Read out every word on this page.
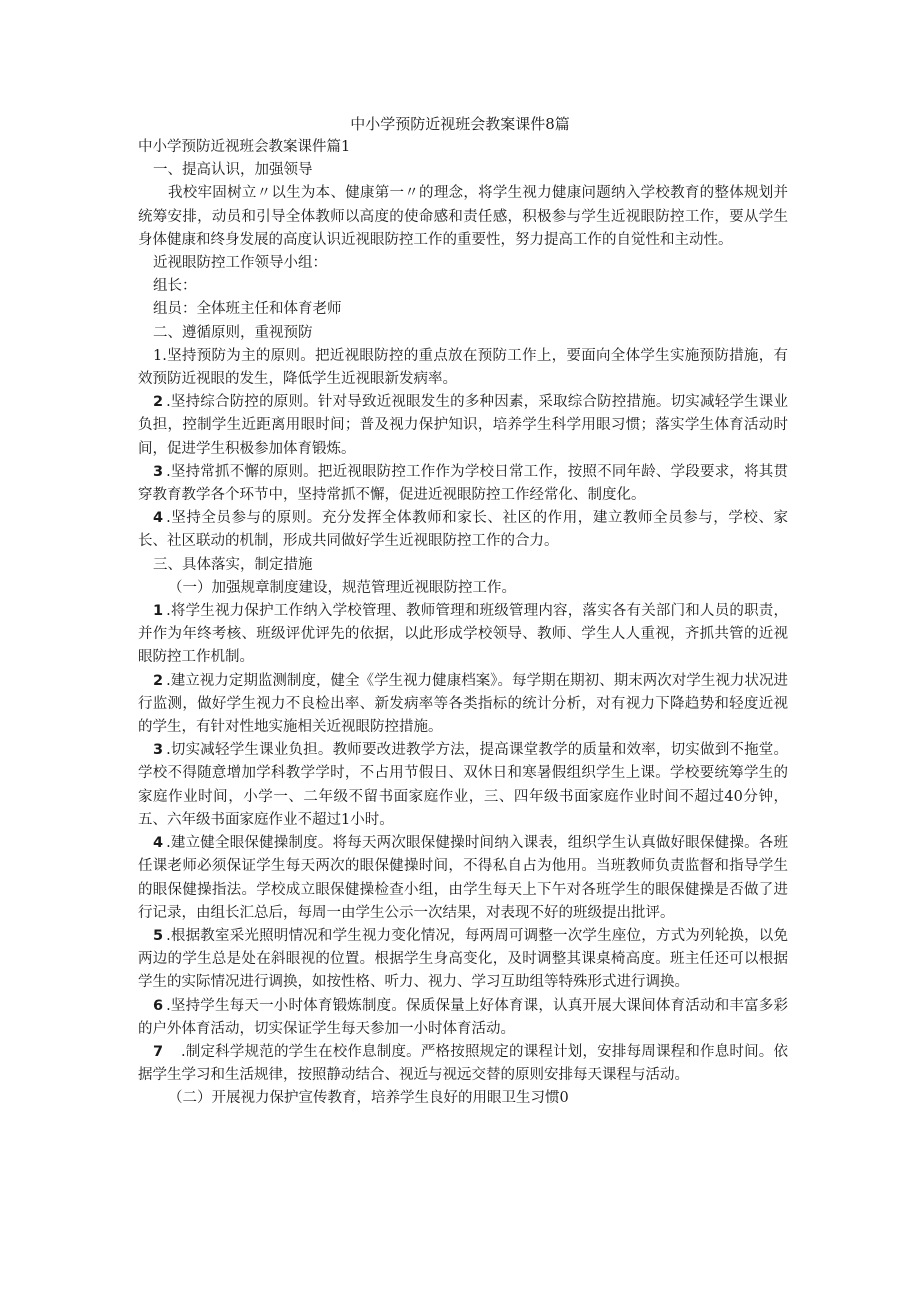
中小学预防近视班会教案课件8篇

中小学预防近视班会教案课件篇1

一、提高认识，加强领导

我校牢固树立〃以生为本、健康第一〃的理念，将学生视力健康问题纳入学校教育的整体规划并统筹安排，动员和引导全体教师以高度的使命感和责任感，积极参与学生近视眼防控工作，要从学生身体健康和终身发展的高度认识近视眼防控工作的重要性，努力提高工作的自觉性和主动性。

近视眼防控工作领导小组：

组长：

组员：全体班主任和体育老师

二、遵循原则，重视预防

1.坚持预防为主的原则。把近视眼防控的重点放在预防工作上，要面向全体学生实施预防措施，有效预防近视眼的发生，降低学生近视眼新发病率。

2 .坚持综合防控的原则。针对导致近视眼发生的多种因素，采取综合防控措施。切实减轻学生课业负担，控制学生近距离用眼时间；普及视力保护知识，培养学生科学用眼习惯；落实学生体育活动时间，促进学生积极参加体育锻炼。

3 .坚持常抓不懈的原则。把近视眼防控工作作为学校日常工作，按照不同年龄、学段要求，将其贯穿教育教学各个环节中，坚持常抓不懈，促进近视眼防控工作经常化、制度化。

4 .坚持全员参与的原则。充分发挥全体教师和家长、社区的作用，建立教师全员参与，学校、家长、社区联动的机制，形成共同做好学生近视眼防控工作的合力。

三、具体落实，制定措施

（一）加强规章制度建设，规范管理近视眼防控工作。

1 .将学生视力保护工作纳入学校管理、教师管理和班级管理内容，落实各有关部门和人员的职责，并作为年终考核、班级评优评先的依据，以此形成学校领导、教师、学生人人重视，齐抓共管的近视眼防控工作机制。

2 .建立视力定期监测制度，健全《学生视力健康档案》。每学期在期初、期末两次对学生视力状况进行监测，做好学生视力不良检出率、新发病率等各类指标的统计分析，对有视力下降趋势和轻度近视的学生，有针对性地实施相关近视眼防控措施。

3 .切实减轻学生课业负担。教师要改进教学方法，提高课堂教学的质量和效率，切实做到不拖堂。学校不得随意增加学科教学学时，不占用节假日、双休日和寒暑假组织学生上课。学校要统筹学生的家庭作业时间，小学一、二年级不留书面家庭作业，三、四年级书面家庭作业时间不超过40分钟，五、六年级书面家庭作业不超过1小时。

4 .建立健全眼保健操制度。将每天两次眼保健操时间纳入课表，组织学生认真做好眼保健操。各班任课老师必须保证学生每天两次的眼保健操时间，不得私自占为他用。当班教师负责监督和指导学生的眼保健操指法。学校成立眼保健操检查小组，由学生每天上下午对各班学生的眼保健操是否做了进行记录，由组长汇总后，每周一由学生公示一次结果，对表现不好的班级提出批评。

5 .根据教室采光照明情况和学生视力变化情况，每两周可调整一次学生座位，方式为列轮换，以免两边的学生总是处在斜眼视的位置。根据学生身高变化，及时调整其课桌椅高度。班主任还可以根据学生的实际情况进行调换，如按性格、听力、视力、学习互助组等特殊形式进行调换。

6 .坚持学生每天一小时体育锻炼制度。保质保量上好体育课，认真开展大课间体育活动和丰富多彩的户外体育活动，切实保证学生每天参加一小时体育活动。

7　.制定科学规范的学生在校作息制度。严格按照规定的课程计划，安排每周课程和作息时间。依据学生学习和生活规律，按照静动结合、视近与视远交替的原则安排每天课程与活动。

（二）开展视力保护宣传教育，培养学生良好的用眼卫生习惯0
